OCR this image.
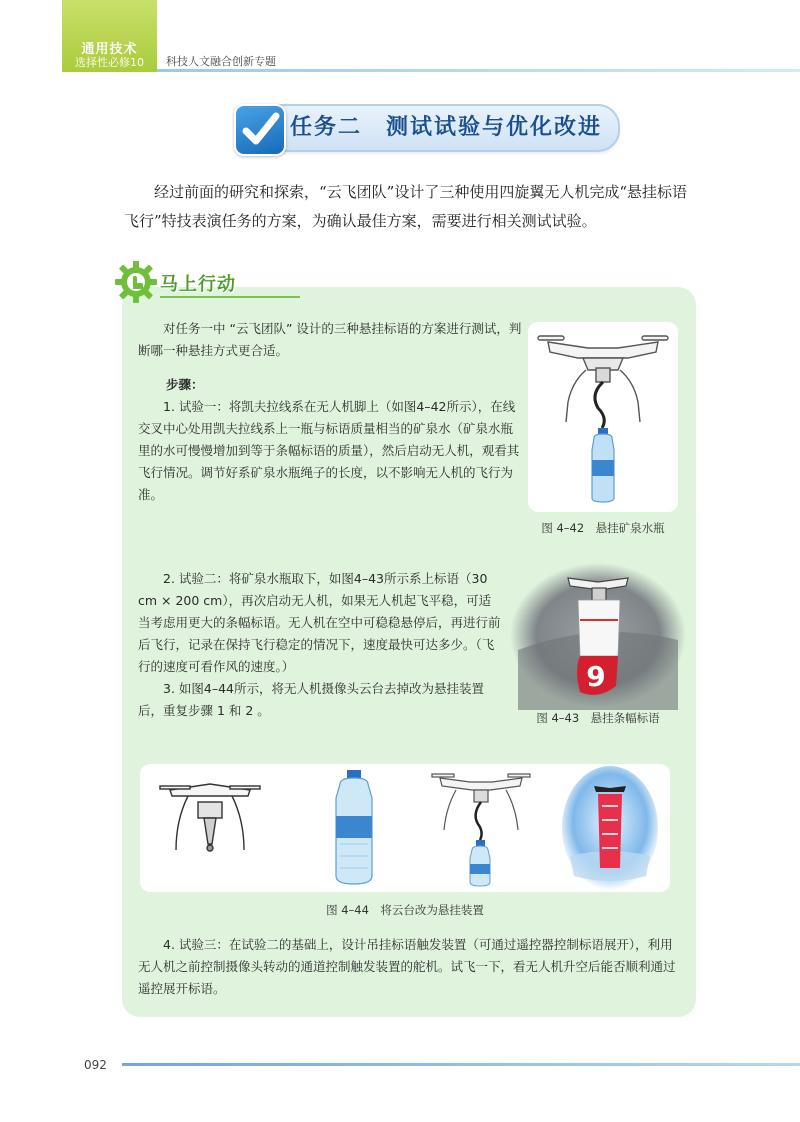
通用技术
选择性必修10	科技人文融合创新专题
任务二　测试试验与优化改进
经过前面的研究和探索，“云飞团队”设计了三种使用四旋翼无人机完成“悬挂标语飞行”特技表演任务的方案，为确认最佳方案，需要进行相关测试试验。
马上行动
对任务一中 “云飞团队” 设计的三种悬挂标语的方案进行测试，判断哪一种悬挂方式更合适。
步骤：
1. 试验一：将凯夫拉线系在无人机脚上（如图4–42所示），在线交叉中心处用凯夫拉线系上一瓶与标语质量相当的矿泉水（矿泉水瓶里的水可慢慢增加到等于条幅标语的质量），然后启动无人机，观看其飞行情况。调节好系矿泉水瓶绳子的长度，以不影响无人机的飞行为准。
2. 试验二：将矿泉水瓶取下，如图4–43所示系上标语（30 cm × 200 cm），再次启动无人机，如果无人机起飞平稳，可适当考虑用更大的条幅标语。无人机在空中可稳稳悬停后，再进行前后飞行，记录在保持飞行稳定的情况下，速度最快可达多少。（飞行的速度可看作风的速度。）
3. 如图4–44所示，将无人机摄像头云台去掉改为悬挂装置后，重复步骤 1 和 2 。
4. 试验三：在试验二的基础上，设计吊挂标语触发装置（可通过遥控器控制标语展开），利用无人机之前控制摄像头转动的通道控制触发装置的舵机。试飞一下，看无人机升空后能否顺利通过遥控展开标语。
图 4–42　悬挂矿泉水瓶
9
图 4–43　悬挂条幅标语
图 4–44　将云台改为悬挂装置
092
